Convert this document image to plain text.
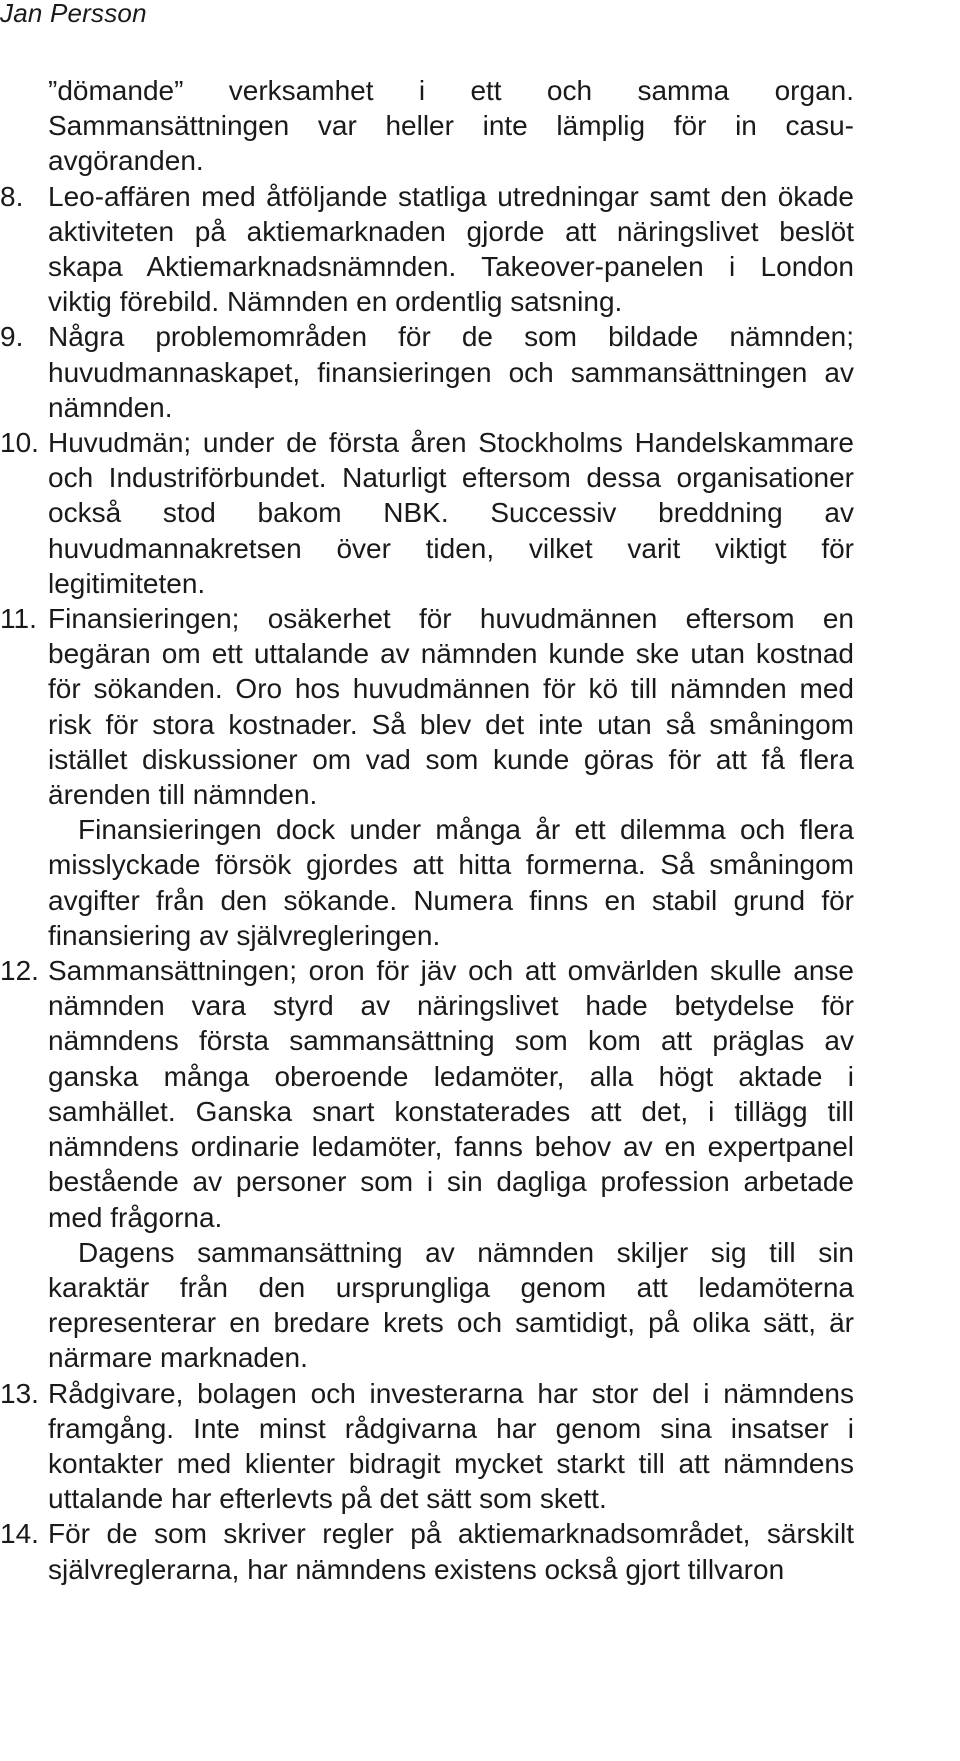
Jan Persson

”dömande” verksamhet i ett och samma organ. Sammansättningen var heller inte lämplig för in casu-avgöranden.

8. Leo-affären med åtföljande statliga utredningar samt den ökade aktiviteten på aktiemarknaden gjorde att näringslivet beslöt skapa Aktiemarknadsnämnden. Takeover-panelen i London viktig förebild. Nämnden en ordentlig satsning.

9. Några problemområden för de som bildade nämnden; huvudmannaskapet, finansieringen och sammansättningen av nämnden.

10. Huvudmän; under de första åren Stockholms Handelskammare och Industriförbundet. Naturligt eftersom dessa organisationer också stod bakom NBK. Successiv breddning av huvudmannakretsen över tiden, vilket varit viktigt för legitimiteten.

11. Finansieringen; osäkerhet för huvudmännen eftersom en begäran om ett uttalande av nämnden kunde ske utan kostnad för sökanden. Oro hos huvudmännen för kö till nämnden med risk för stora kostnader. Så blev det inte utan så småningom istället diskussioner om vad som kunde göras för att få flera ärenden till nämnden.

Finansieringen dock under många år ett dilemma och flera misslyckade försök gjordes att hitta formerna. Så småningom avgifter från den sökande. Numera finns en stabil grund för finansiering av självregleringen.

12. Sammansättningen; oron för jäv och att omvärlden skulle anse nämnden vara styrd av näringslivet hade betydelse för nämndens första sammansättning som kom att präglas av ganska många oberoende ledamöter, alla högt aktade i samhället. Ganska snart konstaterades att det, i tillägg till nämndens ordinarie ledamöter, fanns behov av en expertpanel bestående av personer som i sin dagliga profession arbetade med frågorna.

Dagens sammansättning av nämnden skiljer sig till sin karaktär från den ursprungliga genom att ledamöterna representerar en bredare krets och samtidigt, på olika sätt, är närmare marknaden.

13. Rådgivare, bolagen och investerarna har stor del i nämndens framgång. Inte minst rådgivarna har genom sina insatser i kontakter med klienter bidragit mycket starkt till att nämndens uttalande har efterlevts på det sätt som skett.

14. För de som skriver regler på aktiemarknadsområdet, särskilt självreglerarna, har nämndens existens också gjort tillvaron
